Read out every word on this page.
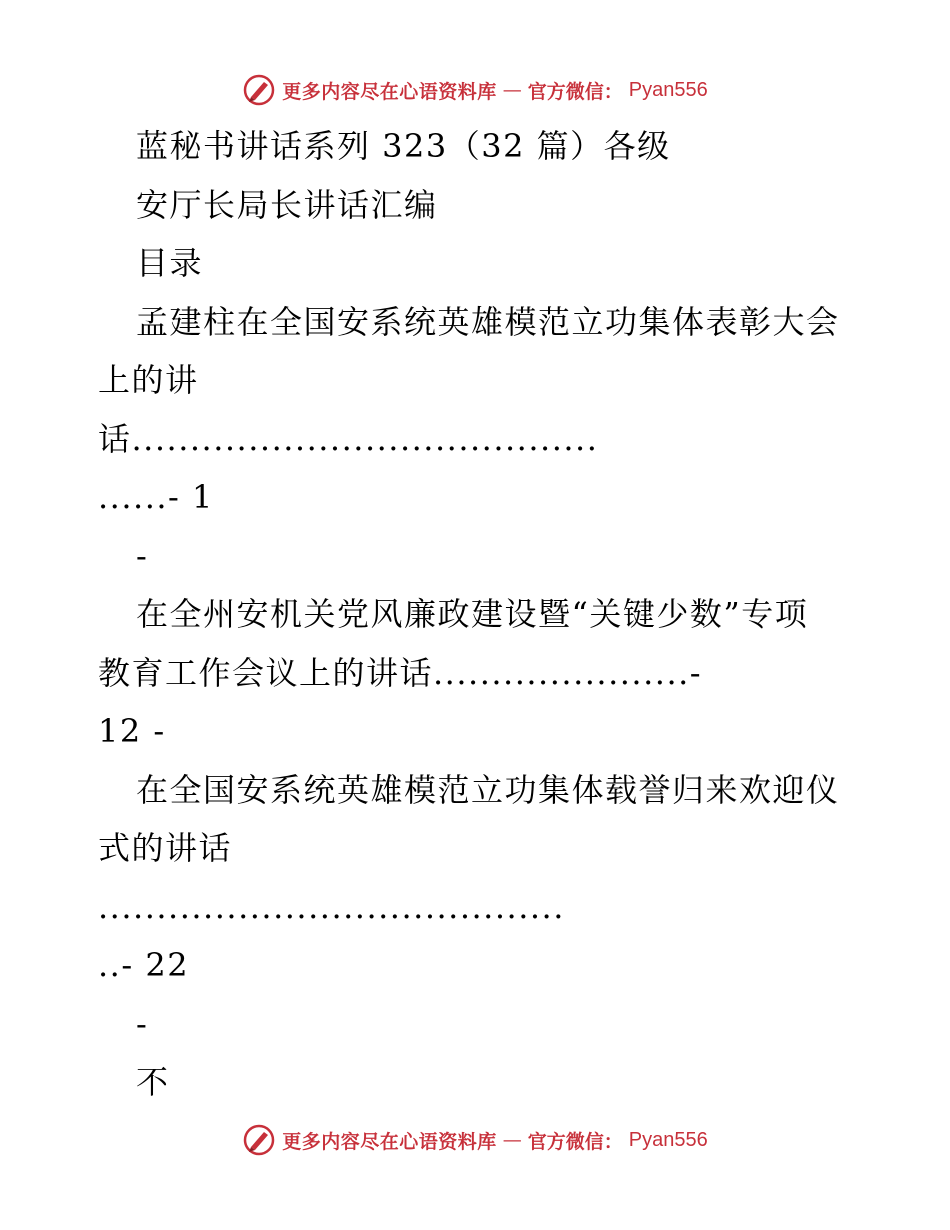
更多内容尽在心语资料库 — 官方微信： Pyan556
蓝秘书讲话系列 323（32 篇）各级
安厅长局长讲话汇编
目录
孟建柱在全国安系统英雄模范立功集体表彰大会
上的讲
话........................................
......- 1
-
在全州安机关党风廉政建设暨“关键少数”专项
教育工作会议上的讲话......................-
12 -
在全国安系统英雄模范立功集体载誉归来欢迎仪
式的讲话
........................................
..- 22
-
不
更多内容尽在心语资料库 — 官方微信： Pyan556
